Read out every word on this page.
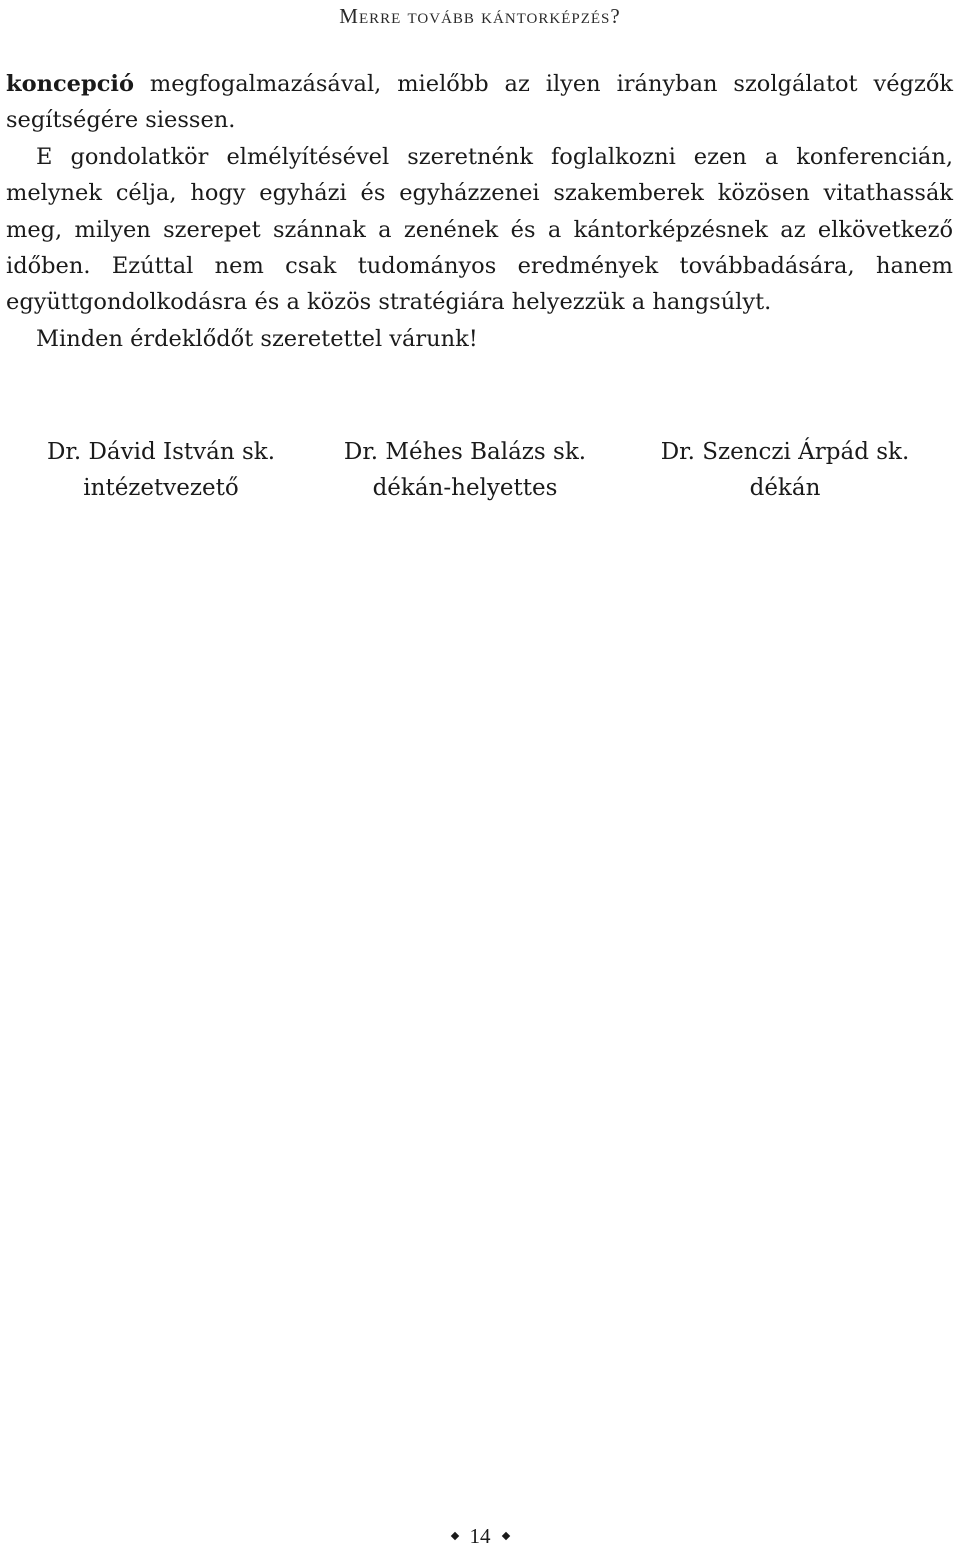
Merre tovább kántorképzés?

koncepció megfogalmazásával, mielőbb az ilyen irányban szolgálatot végzők segítségére siessen.

E gondolatkör elmélyítésével szeretnénk foglalkozni ezen a konferencián, melynek célja, hogy egyházi és egyházzenei szakemberek közösen vitathassák meg, milyen szerepet szánnak a zenének és a kántorképzésnek az elkövetkező időben. Ezúttal nem csak tudományos eredmények továbbadására, hanem együttgondolkodásra és a közös stratégiára helyezzük a hangsúlyt.

Minden érdeklődőt szeretettel várunk!

Dr. Dávid István sk.
intézetvezető
Dr. Méhes Balázs sk.
dékán-helyettes
Dr. Szenczi Árpád sk.
dékán
14
